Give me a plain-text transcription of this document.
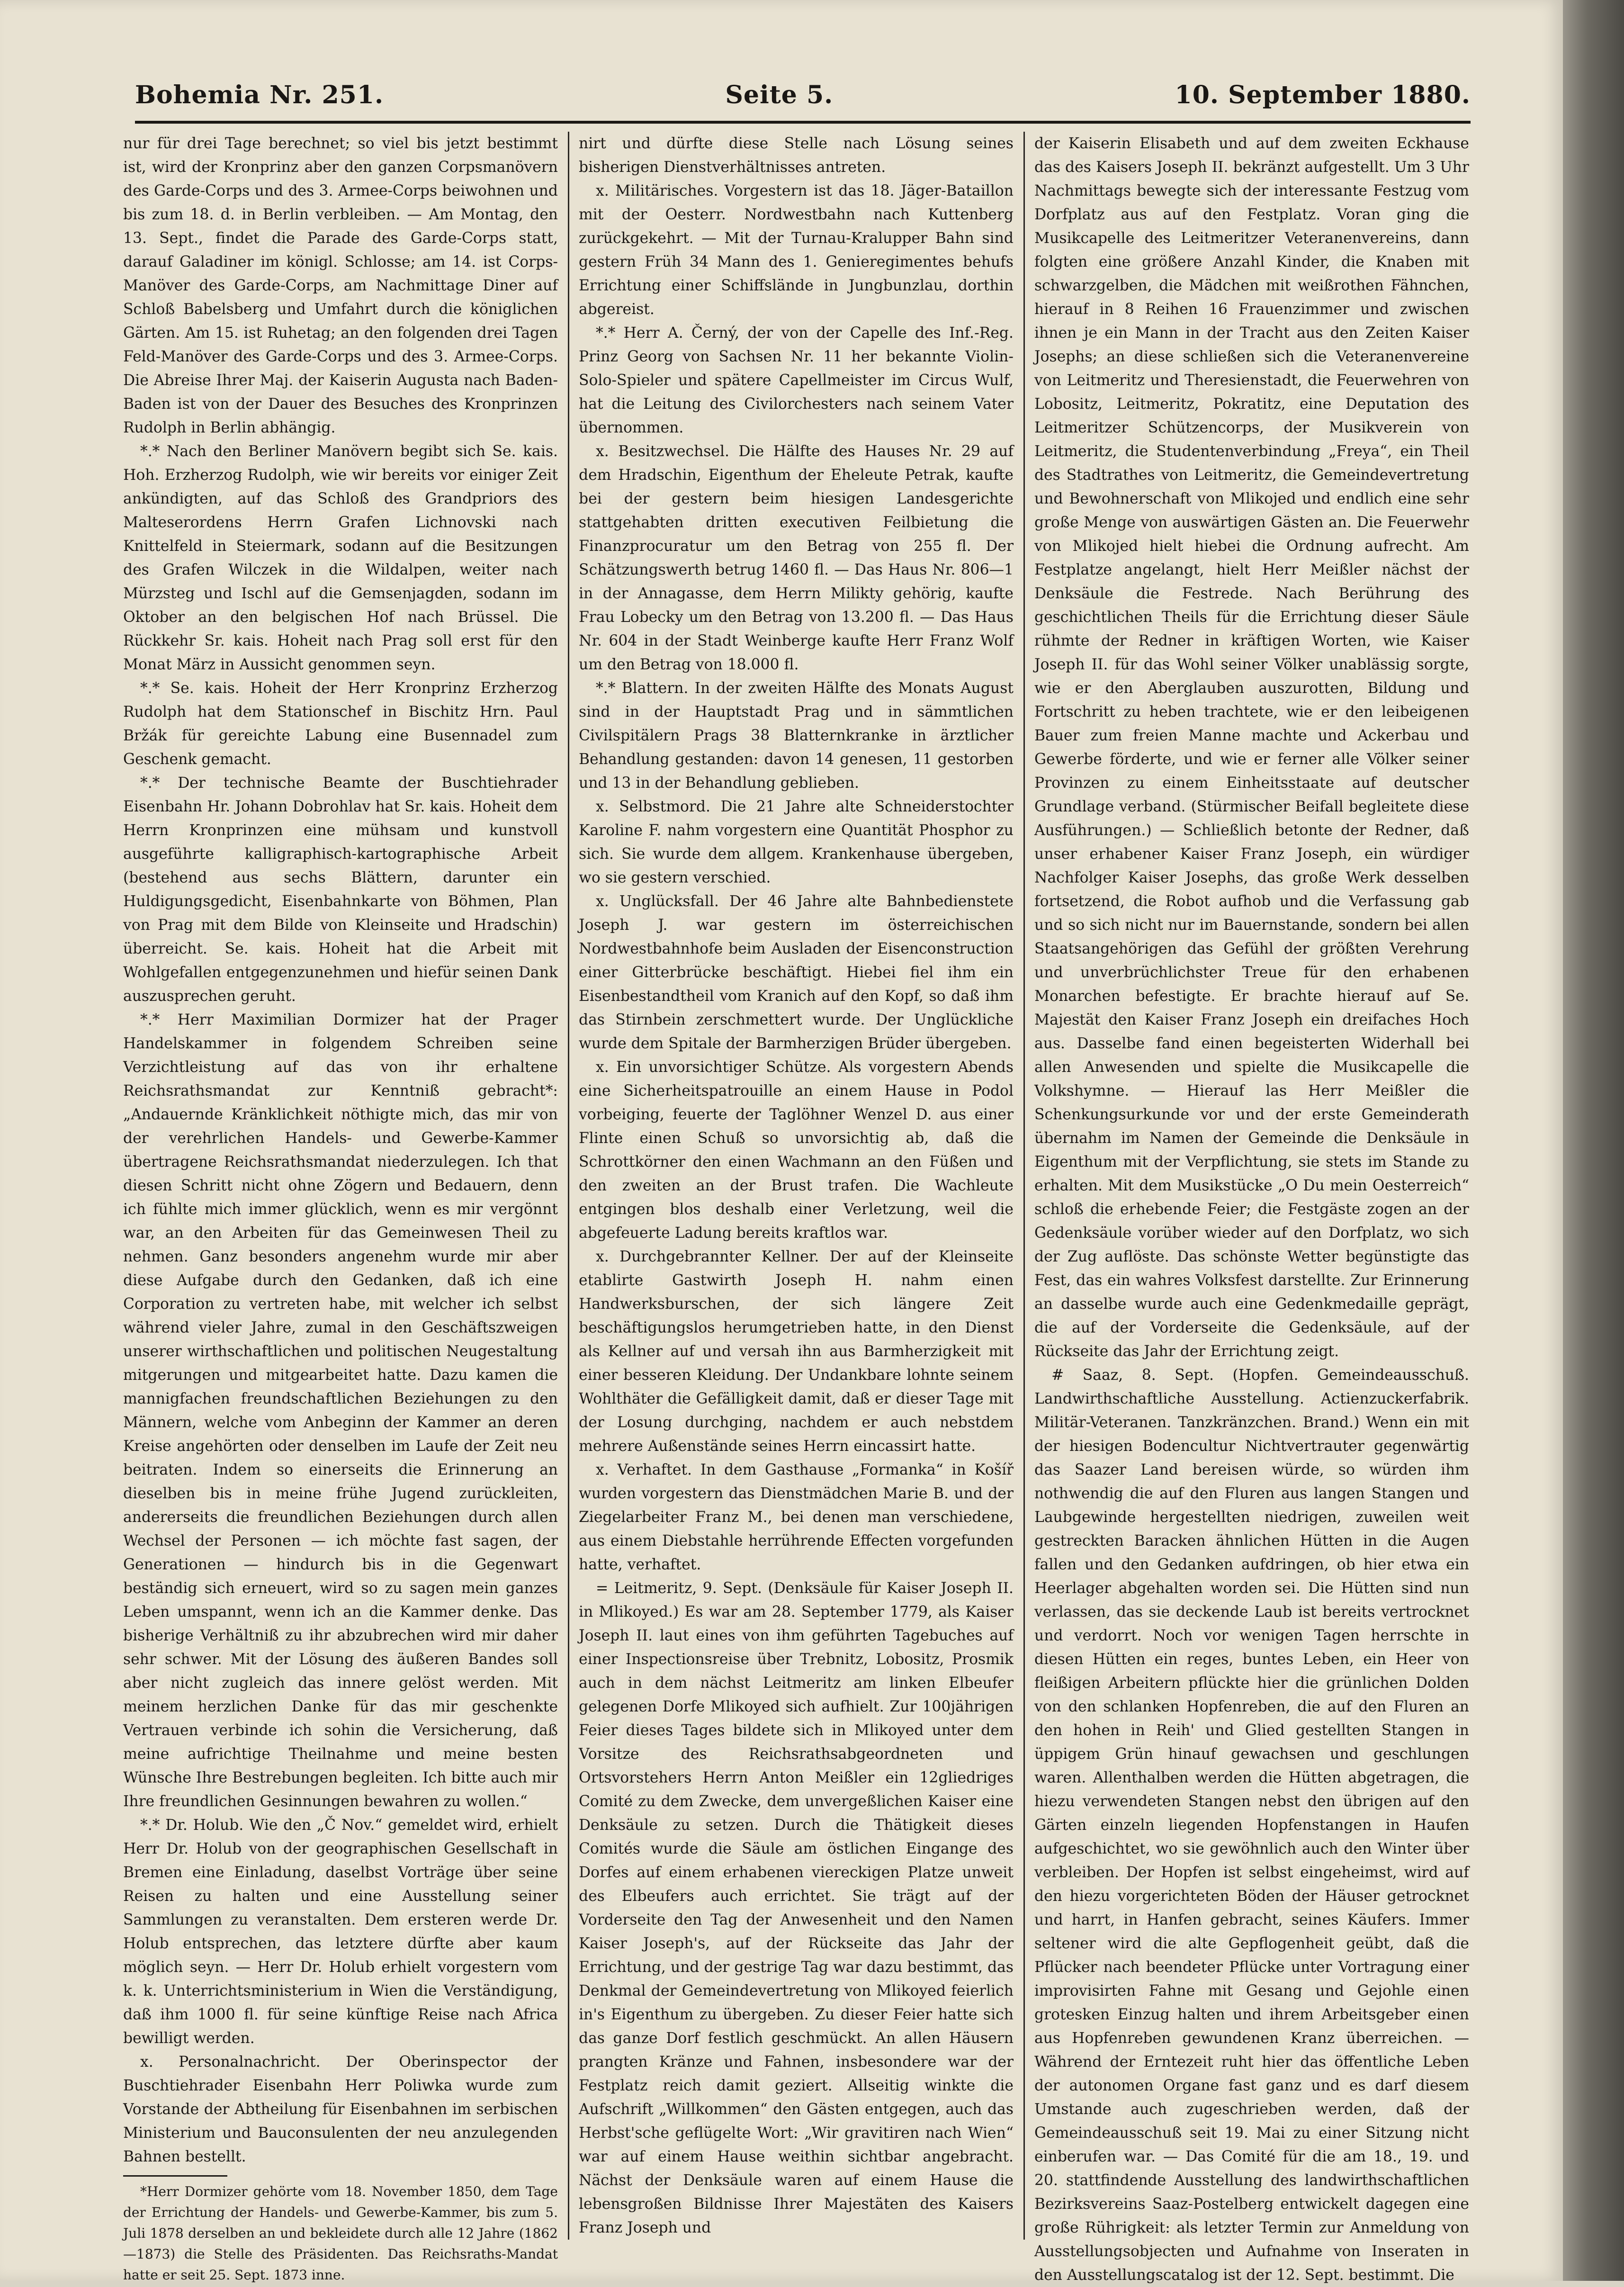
Bohemia Nr. 251.	Seite 5.	10. September 1880.

nur für drei Tage berechnet; so viel bis jetzt bestimmt ist, wird der Kronprinz aber den ganzen Corpsmanövern des Garde-Corps und des 3. Armee-Corps beiwohnen und bis zum 18. d. in Berlin verbleiben. — Am Montag, den 13. Sept., findet die Parade des Garde-Corps statt, darauf Galadiner im königl. Schlosse; am 14. ist Corps-Manöver des Garde-Corps, am Nachmittage Diner auf Schloß Babelsberg und Umfahrt durch die königlichen Gärten. Am 15. ist Ruhetag; an den folgenden drei Tagen Feld-Manöver des Garde-Corps und des 3. Armee-Corps. Die Abreise Ihrer Maj. der Kaiserin Augusta nach Baden-Baden ist von der Dauer des Besuches des Kronprinzen Rudolph in Berlin abhängig.

*.* Nach den Berliner Manövern begibt sich Se. kais. Hoh. Erzherzog Rudolph, wie wir bereits vor einiger Zeit ankündigten, auf das Schloß des Grandpriors des Malteserordens Herrn Grafen Lichnovski nach Knittelfeld in Steiermark, sodann auf die Besitzungen des Grafen Wilczek in die Wildalpen, weiter nach Mürzsteg und Ischl auf die Gemsenjagden, sodann im Oktober an den belgischen Hof nach Brüssel. Die Rückkehr Sr. kais. Hoheit nach Prag soll erst für den Monat März in Aussicht genommen seyn.

*.* Se. kais. Hoheit der Herr Kronprinz Erzherzog Rudolph hat dem Stationschef in Bischitz Hrn. Paul Bržák für gereichte Labung eine Busennadel zum Geschenk gemacht.

*.* Der technische Beamte der Buschtiehrader Eisenbahn Hr. Johann Dobrohlav hat Sr. kais. Hoheit dem Herrn Kronprinzen eine mühsam und kunstvoll ausgeführte kalligraphisch-kartographische Arbeit (bestehend aus sechs Blättern, darunter ein Huldigungsgedicht, Eisenbahnkarte von Böhmen, Plan von Prag mit dem Bilde von Kleinseite und Hradschin) überreicht. Se. kais. Hoheit hat die Arbeit mit Wohlgefallen entgegenzunehmen und hiefür seinen Dank auszusprechen geruht.

*.* Herr Maximilian Dormizer hat der Prager Handelskammer in folgendem Schreiben seine Verzichtleistung auf das von ihr erhaltene Reichsrathsmandat zur Kenntniß gebracht*: „Andauernde Kränklichkeit nöthigte mich, das mir von der verehrlichen Handels- und Gewerbe-Kammer übertragene Reichsrathsmandat niederzulegen. Ich that diesen Schritt nicht ohne Zögern und Bedauern, denn ich fühlte mich immer glücklich, wenn es mir vergönnt war, an den Arbeiten für das Gemeinwesen Theil zu nehmen. Ganz besonders angenehm wurde mir aber diese Aufgabe durch den Gedanken, daß ich eine Corporation zu vertreten habe, mit welcher ich selbst während vieler Jahre, zumal in den Geschäftszweigen unserer wirthschaftlichen und politischen Neugestaltung mitgerungen und mitgearbeitet hatte. Dazu kamen die mannigfachen freundschaftlichen Beziehungen zu den Männern, welche vom Anbeginn der Kammer an deren Kreise angehörten oder denselben im Laufe der Zeit neu beitraten. Indem so einerseits die Erinnerung an dieselben bis in meine frühe Jugend zurückleiten, andererseits die freundlichen Beziehungen durch allen Wechsel der Personen — ich möchte fast sagen, der Generationen — hindurch bis in die Gegenwart beständig sich erneuert, wird so zu sagen mein ganzes Leben umspannt, wenn ich an die Kammer denke. Das bisherige Verhältniß zu ihr abzubrechen wird mir daher sehr schwer. Mit der Lösung des äußeren Bandes soll aber nicht zugleich das innere gelöst werden. Mit meinem herzlichen Danke für das mir geschenkte Vertrauen verbinde ich sohin die Versicherung, daß meine aufrichtige Theilnahme und meine besten Wünsche Ihre Bestrebungen begleiten. Ich bitte auch mir Ihre freundlichen Gesinnungen bewahren zu wollen.“

*.* Dr. Holub. Wie den „Č Nov.“ gemeldet wird, erhielt Herr Dr. Holub von der geographischen Gesellschaft in Bremen eine Einladung, daselbst Vorträge über seine Reisen zu halten und eine Ausstellung seiner Sammlungen zu veranstalten. Dem ersteren werde Dr. Holub entsprechen, das letztere dürfte aber kaum möglich seyn. — Herr Dr. Holub erhielt vorgestern vom k. k. Unterrichtsministerium in Wien die Verständigung, daß ihm 1000 fl. für seine künftige Reise nach Africa bewilligt werden.

x. Personalnachricht. Der Oberinspector der Buschtiehrader Eisenbahn Herr Poliwka wurde zum Vorstande der Abtheilung für Eisenbahnen im serbischen Ministerium und Bauconsulenten der neu anzulegenden Bahnen bestellt.

*Herr Dormizer gehörte vom 18. November 1850, dem Tage der Errichtung der Handels- und Gewerbe-Kammer, bis zum 5. Juli 1878 derselben an und bekleidete durch alle 12 Jahre (1862—1873) die Stelle des Präsidenten. Das Reichsraths-Mandat hatte er seit 25. Sept. 1873 inne.

nirt und dürfte diese Stelle nach Lösung seines bisherigen Dienstverhältnisses antreten.

x. Militärisches. Vorgestern ist das 18. Jäger-Bataillon mit der Oesterr. Nordwestbahn nach Kuttenberg zurückgekehrt. — Mit der Turnau-Kralupper Bahn sind gestern Früh 34 Mann des 1. Genieregimentes behufs Errichtung einer Schiffslände in Jungbunzlau, dorthin abgereist.

*.* Herr A. Černý, der von der Capelle des Inf.-Reg. Prinz Georg von Sachsen Nr. 11 her bekannte Violin-Solo-Spieler und spätere Capellmeister im Circus Wulf, hat die Leitung des Civilorchesters nach seinem Vater übernommen.

x. Besitzwechsel. Die Hälfte des Hauses Nr. 29 auf dem Hradschin, Eigenthum der Eheleute Petrak, kaufte bei der gestern beim hiesigen Landesgerichte stattgehabten dritten executiven Feilbietung die Finanzprocuratur um den Betrag von 255 fl. Der Schätzungswerth betrug 1460 fl. — Das Haus Nr. 806—1 in der Annagasse, dem Herrn Milikty gehörig, kaufte Frau Lobecky um den Betrag von 13.200 fl. — Das Haus Nr. 604 in der Stadt Weinberge kaufte Herr Franz Wolf um den Betrag von 18.000 fl.

*.* Blattern. In der zweiten Hälfte des Monats August sind in der Hauptstadt Prag und in sämmtlichen Civilspitälern Prags 38 Blatternkranke in ärztlicher Behandlung gestanden: davon 14 genesen, 11 gestorben und 13 in der Behandlung geblieben.

x. Selbstmord. Die 21 Jahre alte Schneiderstochter Karoline F. nahm vorgestern eine Quantität Phosphor zu sich. Sie wurde dem allgem. Krankenhause übergeben, wo sie gestern verschied.

x. Unglücksfall. Der 46 Jahre alte Bahnbedienstete Joseph J. war gestern im österreichischen Nordwestbahnhofe beim Ausladen der Eisenconstruction einer Gitterbrücke beschäftigt. Hiebei fiel ihm ein Eisenbestandtheil vom Kranich auf den Kopf, so daß ihm das Stirnbein zerschmettert wurde. Der Unglückliche wurde dem Spitale der Barmherzigen Brüder übergeben.

x. Ein unvorsichtiger Schütze. Als vorgestern Abends eine Sicherheitspatrouille an einem Hause in Podol vorbeiging, feuerte der Taglöhner Wenzel D. aus einer Flinte einen Schuß so unvorsichtig ab, daß die Schrottkörner den einen Wachmann an den Füßen und den zweiten an der Brust trafen. Die Wachleute entgingen blos deshalb einer Verletzung, weil die abgefeuerte Ladung bereits kraftlos war.

x. Durchgebrannter Kellner. Der auf der Kleinseite etablirte Gastwirth Joseph H. nahm einen Handwerksburschen, der sich längere Zeit beschäftigungslos herumgetrieben hatte, in den Dienst als Kellner auf und versah ihn aus Barmherzigkeit mit einer besseren Kleidung. Der Undankbare lohnte seinem Wohlthäter die Gefälligkeit damit, daß er dieser Tage mit der Losung durchging, nachdem er auch nebstdem mehrere Außenstände seines Herrn eincassirt hatte.

x. Verhaftet. In dem Gasthause „Formanka“ in Košíř wurden vorgestern das Dienstmädchen Marie B. und der Ziegelarbeiter Franz M., bei denen man verschiedene, aus einem Diebstahle herrührende Effecten vorgefunden hatte, verhaftet.

= Leitmeritz, 9. Sept. (Denksäule für Kaiser Joseph II. in Mlikoyed.) Es war am 28. September 1779, als Kaiser Joseph II. laut eines von ihm geführten Tagebuches auf einer Inspectionsreise über Trebnitz, Lobositz, Prosmik auch in dem nächst Leitmeritz am linken Elbeufer gelegenen Dorfe Mlikoyed sich aufhielt. Zur 100jährigen Feier dieses Tages bildete sich in Mlikoyed unter dem Vorsitze des Reichsrathsabgeordneten und Ortsvorstehers Herrn Anton Meißler ein 12gliedriges Comité zu dem Zwecke, dem unvergeßlichen Kaiser eine Denksäule zu setzen. Durch die Thätigkeit dieses Comités wurde die Säule am östlichen Eingange des Dorfes auf einem erhabenen viereckigen Platze unweit des Elbeufers auch errichtet. Sie trägt auf der Vorderseite den Tag der Anwesenheit und den Namen Kaiser Joseph's, auf der Rückseite das Jahr der Errichtung, und der gestrige Tag war dazu bestimmt, das Denkmal der Gemeindevertretung von Mlikoyed feierlich in's Eigenthum zu übergeben. Zu dieser Feier hatte sich das ganze Dorf festlich geschmückt. An allen Häusern prangten Kränze und Fahnen, insbesondere war der Festplatz reich damit geziert. Allseitig winkte die Aufschrift „Willkommen“ den Gästen entgegen, auch das Herbst'sche geflügelte Wort: „Wir gravitiren nach Wien“ war auf einem Hause weithin sichtbar angebracht. Nächst der Denksäule waren auf einem Hause die lebensgroßen Bildnisse Ihrer Majestäten des Kaisers Franz Joseph und

der Kaiserin Elisabeth und auf dem zweiten Eckhause das des Kaisers Joseph II. bekränzt aufgestellt. Um 3 Uhr Nachmittags bewegte sich der interessante Festzug vom Dorfplatz aus auf den Festplatz. Voran ging die Musikcapelle des Leitmeritzer Veteranenvereins, dann folgten eine größere Anzahl Kinder, die Knaben mit schwarzgelben, die Mädchen mit weißrothen Fähnchen, hierauf in 8 Reihen 16 Frauenzimmer und zwischen ihnen je ein Mann in der Tracht aus den Zeiten Kaiser Josephs; an diese schließen sich die Veteranenvereine von Leitmeritz und Theresienstadt, die Feuerwehren von Lobositz, Leitmeritz, Pokratitz, eine Deputation des Leitmeritzer Schützencorps, der Musikverein von Leitmeritz, die Studentenverbindung „Freya“, ein Theil des Stadtrathes von Leitmeritz, die Gemeindevertretung und Bewohnerschaft von Mlikojed und endlich eine sehr große Menge von auswärtigen Gästen an. Die Feuerwehr von Mlikojed hielt hiebei die Ordnung aufrecht. Am Festplatze angelangt, hielt Herr Meißler nächst der Denksäule die Festrede. Nach Berührung des geschichtlichen Theils für die Errichtung dieser Säule rühmte der Redner in kräftigen Worten, wie Kaiser Joseph II. für das Wohl seiner Völker unablässig sorgte, wie er den Aberglauben auszurotten, Bildung und Fortschritt zu heben trachtete, wie er den leibeigenen Bauer zum freien Manne machte und Ackerbau und Gewerbe förderte, und wie er ferner alle Völker seiner Provinzen zu einem Einheitsstaate auf deutscher Grundlage verband. (Stürmischer Beifall begleitete diese Ausführungen.) — Schließlich betonte der Redner, daß unser erhabener Kaiser Franz Joseph, ein würdiger Nachfolger Kaiser Josephs, das große Werk desselben fortsetzend, die Robot aufhob und die Verfassung gab und so sich nicht nur im Bauernstande, sondern bei allen Staatsangehörigen das Gefühl der größten Verehrung und unverbrüchlichster Treue für den erhabenen Monarchen befestigte. Er brachte hierauf auf Se. Majestät den Kaiser Franz Joseph ein dreifaches Hoch aus. Dasselbe fand einen begeisterten Widerhall bei allen Anwesenden und spielte die Musikcapelle die Volkshymne. — Hierauf las Herr Meißler die Schenkungsurkunde vor und der erste Gemeinderath übernahm im Namen der Gemeinde die Denksäule in Eigenthum mit der Verpflichtung, sie stets im Stande zu erhalten. Mit dem Musikstücke „O Du mein Oesterreich“ schloß die erhebende Feier; die Festgäste zogen an der Gedenksäule vorüber wieder auf den Dorfplatz, wo sich der Zug auflöste. Das schönste Wetter begünstigte das Fest, das ein wahres Volksfest darstellte. Zur Erinnerung an dasselbe wurde auch eine Gedenkmedaille geprägt, die auf der Vorderseite die Gedenksäule, auf der Rückseite das Jahr der Errichtung zeigt.

# Saaz, 8. Sept. (Hopfen. Gemeindeausschuß. Landwirthschaftliche Ausstellung. Actienzuckerfabrik. Militär-Veteranen. Tanzkränzchen. Brand.) Wenn ein mit der hiesigen Bodencultur Nichtvertrauter gegenwärtig das Saazer Land bereisen würde, so würden ihm nothwendig die auf den Fluren aus langen Stangen und Laubgewinde hergestellten niedrigen, zuweilen weit gestreckten Baracken ähnlichen Hütten in die Augen fallen und den Gedanken aufdringen, ob hier etwa ein Heerlager abgehalten worden sei. Die Hütten sind nun verlassen, das sie deckende Laub ist bereits vertrocknet und verdorrt. Noch vor wenigen Tagen herrschte in diesen Hütten ein reges, buntes Leben, ein Heer von fleißigen Arbeitern pflückte hier die grünlichen Dolden von den schlanken Hopfenreben, die auf den Fluren an den hohen in Reih' und Glied gestellten Stangen in üppigem Grün hinauf gewachsen und geschlungen waren. Allenthalben werden die Hütten abgetragen, die hiezu verwendeten Stangen nebst den übrigen auf den Gärten einzeln liegenden Hopfenstangen in Haufen aufgeschichtet, wo sie gewöhnlich auch den Winter über verbleiben. Der Hopfen ist selbst eingeheimst, wird auf den hiezu vorgerichteten Böden der Häuser getrocknet und harrt, in Hanfen gebracht, seines Käufers. Immer seltener wird die alte Gepflogenheit geübt, daß die Pflücker nach beendeter Pflücke unter Vortragung einer improvisirten Fahne mit Gesang und Gejohle einen grotesken Einzug halten und ihrem Arbeitsgeber einen aus Hopfenreben gewundenen Kranz überreichen. — Während der Erntezeit ruht hier das öffentliche Leben der autonomen Organe fast ganz und es darf diesem Umstande auch zugeschrieben werden, daß der Gemeindeausschuß seit 19. Mai zu einer Sitzung nicht einberufen war. — Das Comité für die am 18., 19. und 20. stattfindende Ausstellung des landwirthschaftlichen Bezirksvereins Saaz-Postelberg entwickelt dagegen eine große Rührigkeit: als letzter Termin zur Anmeldung von Ausstellungsobjecten und Aufnahme von Inseraten in den Ausstellungscatalog ist der 12. Sept. bestimmt. Die
